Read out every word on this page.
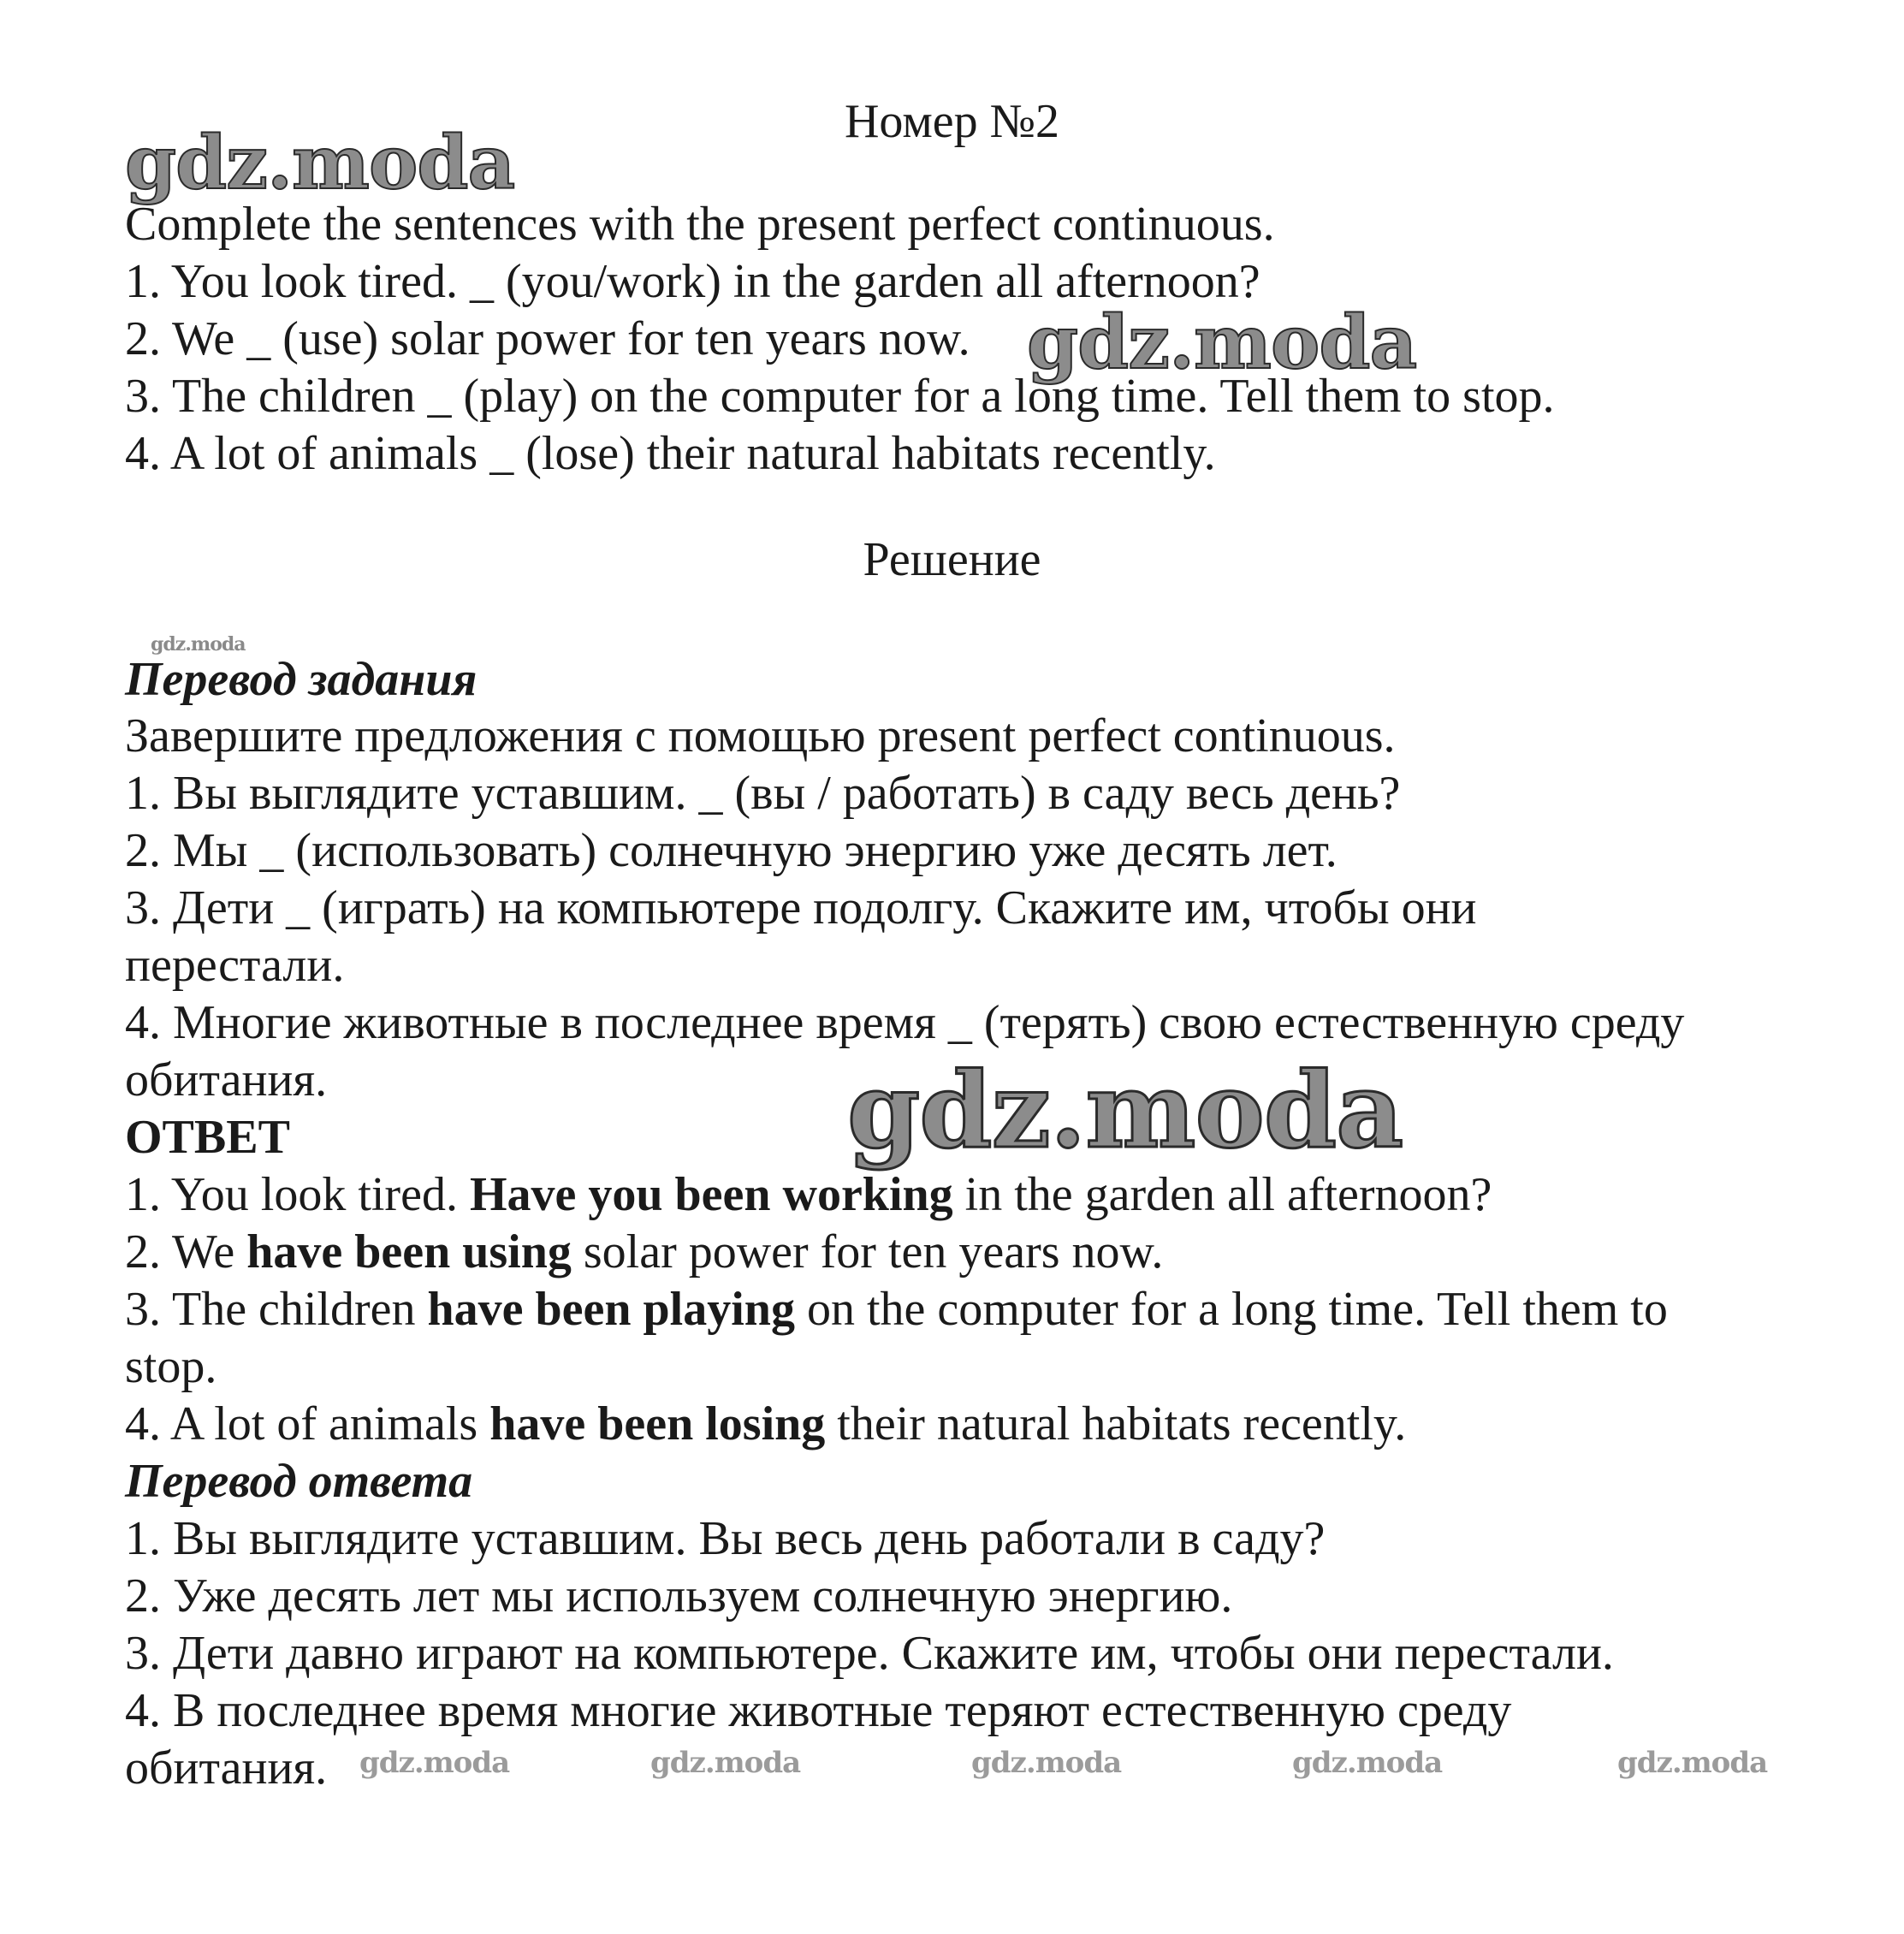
Номер №2
Complete the sentences with the present perfect continuous.
1. You look tired. _ (you/work) in the garden all afternoon?
2. We _ (use) solar power for ten years now.
3. The children _ (play) on the computer for a long time. Tell them to stop.
4. A lot of animals _ (lose) their natural habitats recently.
Решение
Перевод задания
Завершите предложения с помощью present perfect continuous.
1. Вы выглядите уставшим. _ (вы / работать) в саду весь день?
2. Мы _ (использовать) солнечную энергию уже десять лет.
3. Дети _ (играть) на компьютере подолгу. Скажите им, чтобы они
перестали.
4. Многие животные в последнее время _ (терять) свою естественную среду
обитания.
ОТВЕТ
1. You look tired. Have you been working in the garden all afternoon?
2. We have been using solar power for ten years now.
3. The children have been playing on the computer for a long time. Tell them to
stop.
4. A lot of animals have been losing their natural habitats recently.
Перевод ответа
1. Вы выглядите уставшим. Вы весь день работали в саду?
2. Уже десять лет мы используем солнечную энергию.
3. Дети давно играют на компьютере. Скажите им, чтобы они перестали.
4. В последнее время многие животные теряют естественную среду
обитания.
gdz.moda
gdz.moda
gdz.moda
gdz.moda
gdz.moda	gdz.moda	gdz.moda	gdz.moda	gdz.moda
